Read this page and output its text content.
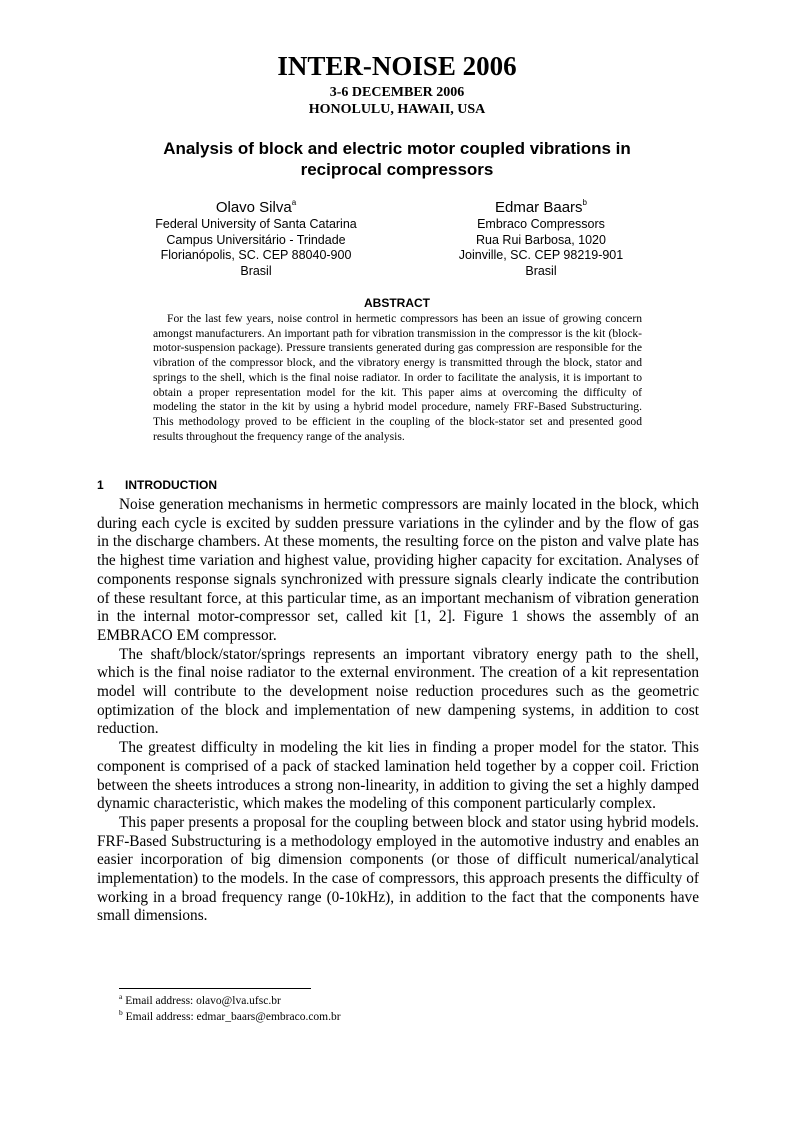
INTER-NOISE 2006
3-6 DECEMBER 2006
HONOLULU, HAWAII, USA
Analysis of block and electric motor coupled vibrations in
reciprocal compressors
Olavo Silva$^a$
Federal University of Santa Catarina
Campus Universitário - Trindade
Florianópolis, SC. CEP 88040-900
Brasil
Edmar Baars$^b$
Embraco Compressors
Rua Rui Barbosa, 1020
Joinville, SC. CEP 98219-901
Brasil
ABSTRACT

For the last few years, noise control in hermetic compressors has been an issue of growing concern amongst manufacturers. An important path for vibration transmission in the compressor is the kit (block-motor-suspension package). Pressure transients generated during gas compression are responsible for the vibration of the compressor block, and the vibratory energy is transmitted through the block, stator and springs to the shell, which is the final noise radiator. In order to facilitate the analysis, it is important to obtain a proper representation model for the kit. This paper aims at overcoming the difficulty of modeling the stator in the kit by using a hybrid model procedure, namely FRF-Based Substructuring. This methodology proved to be efficient in the coupling of the block-stator set and presented good results throughout the frequency range of the analysis.

1 INTRODUCTION

Noise generation mechanisms in hermetic compressors are mainly located in the block, which during each cycle is excited by sudden pressure variations in the cylinder and by the flow of gas in the discharge chambers. At these moments, the resulting force on the piston and valve plate has the highest time variation and highest value, providing higher capacity for excitation. Analyses of components response signals synchronized with pressure signals clearly indicate the contribution of these resultant force, at this particular time, as an important mechanism of vibration generation in the internal motor-compressor set, called kit [1, 2]. Figure 1 shows the assembly of an EMBRACO EM compressor.

The shaft/block/stator/springs represents an important vibratory energy path to the shell, which is the final noise radiator to the external environment. The creation of a kit representation model will contribute to the development noise reduction procedures such as the geometric optimization of the block and implementation of new dampening systems, in addition to cost reduction.

The greatest difficulty in modeling the kit lies in finding a proper model for the stator. This component is comprised of a pack of stacked lamination held together by a copper coil. Friction between the sheets introduces a strong non-linearity, in addition to giving the set a highly damped dynamic characteristic, which makes the modeling of this component particularly complex.

This paper presents a proposal for the coupling between block and stator using hybrid models. FRF-Based Substructuring is a methodology employed in the automotive industry and enables an easier incorporation of big dimension components (or those of difficult numerical/analytical implementation) to the models. In the case of compressors, this approach presents the difficulty of working in a broad frequency range (0-10kHz), in addition to the fact that the components have small dimensions.

$^a$ Email address: olavo@lva.ufsc.br
$^b$ Email address: edmar_baars@embraco.com.br
